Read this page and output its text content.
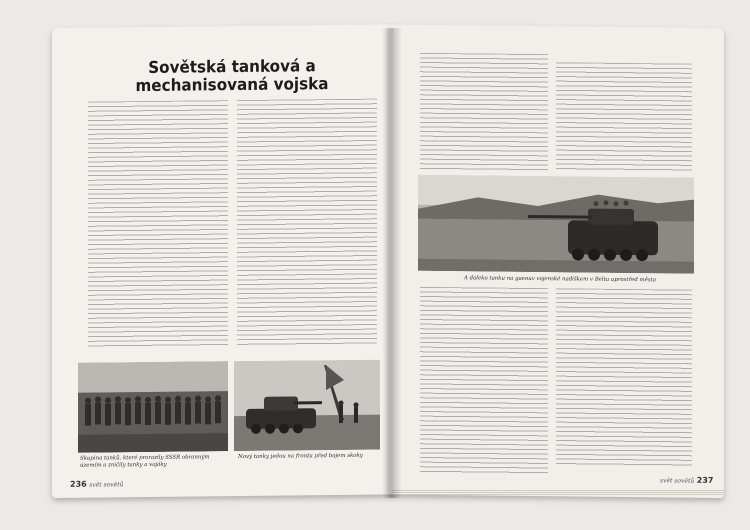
Sovětská tanková a mechanisovaná vojska
Skupina tanků, které prorazily SSSR obranným územím a zničily tanky a vojáky
Nový tanky jedou na frontu před bojem skoky
236 svět sovětů
A daleko tanku na gaeouv vojenské nadiškem v Beltu uprostřed města
svět sovětů 237
